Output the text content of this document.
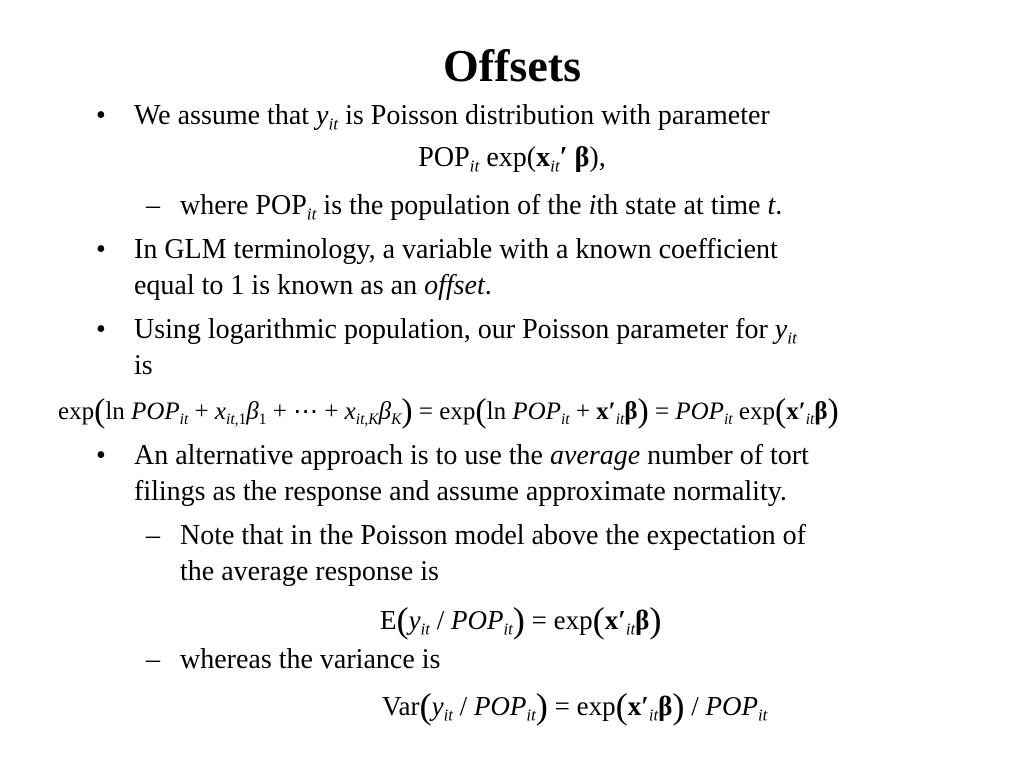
Offsets
• We assume that $y_{it}$ is Poisson distribution with parameter
$POP_{it}$ $\exp(x_{it}'$ β),
– where $POP_{it}$ is the population of the ith state at time t.
• In GLM terminology, a variable with a known coefficient
equal to 1 is known as an offset.
• Using logarithmic population, our Poisson parameter for $y_{it}$
is
exp(ln $POP_{it} + x_{it,1}\beta_1$ + ⋯ + $x_{it,K}\beta_K) = \exp(\ln$ $POP_{it} + x'_{it}\beta) = POP_{it}$ $\exp(x'_{it}\beta)$
• An alternative approach is to use the average number of tort
filings as the response and assume approximate normality.
– Note that in the Poisson model above the expectation of
the average response is
$E(y_{it} / POP_{it}) = \exp(x'_{it}\beta)$
– whereas the variance is
$Var(y_{it} / POP_{it}) = \exp(x'_{it}\beta) / POP_{it}$
